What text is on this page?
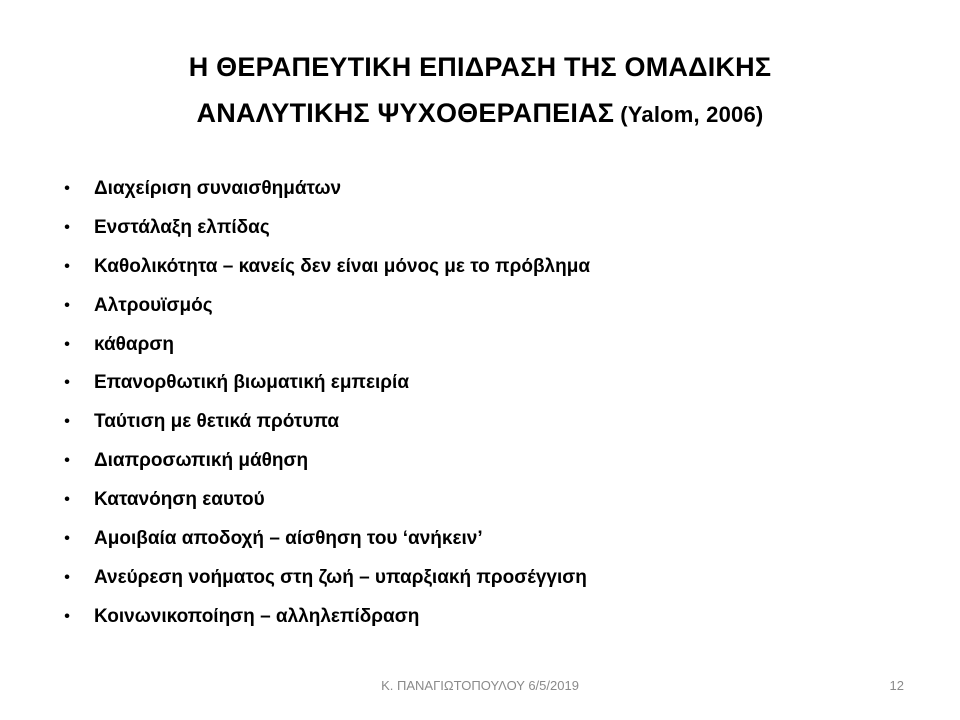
Η ΘΕΡΑΠΕΥΤΙΚΗ ΕΠΙΔΡΑΣΗ ΤΗΣ ΟΜΑΔΙΚΗΣ
ΑΝΑΛΥΤΙΚΗΣ ΨΥΧΟΘΕΡΑΠΕΙΑΣ (Yalom, 2006)
• Διαχείριση συναισθημάτων
• Ενστάλαξη ελπίδας
• Καθολικότητα – κανείς δεν είναι μόνος με το πρόβλημα
• Αλτρουϊσμός
• κάθαρση
• Επανορθωτική βιωματική εμπειρία
• Ταύτιση με θετικά πρότυπα
• Διαπροσωπική μάθηση
• Κατανόηση εαυτού
• Αμοιβαία αποδοχή – αίσθηση του ‘ανήκειν’
• Ανεύρεση νοήματος στη ζωή – υπαρξιακή προσέγγιση
• Κοινωνικοποίηση – αλληλεπίδραση
Κ. ΠΑΝΑΓΙΩΤΟΠΟΥΛΟΥ 6/5/2019	12
